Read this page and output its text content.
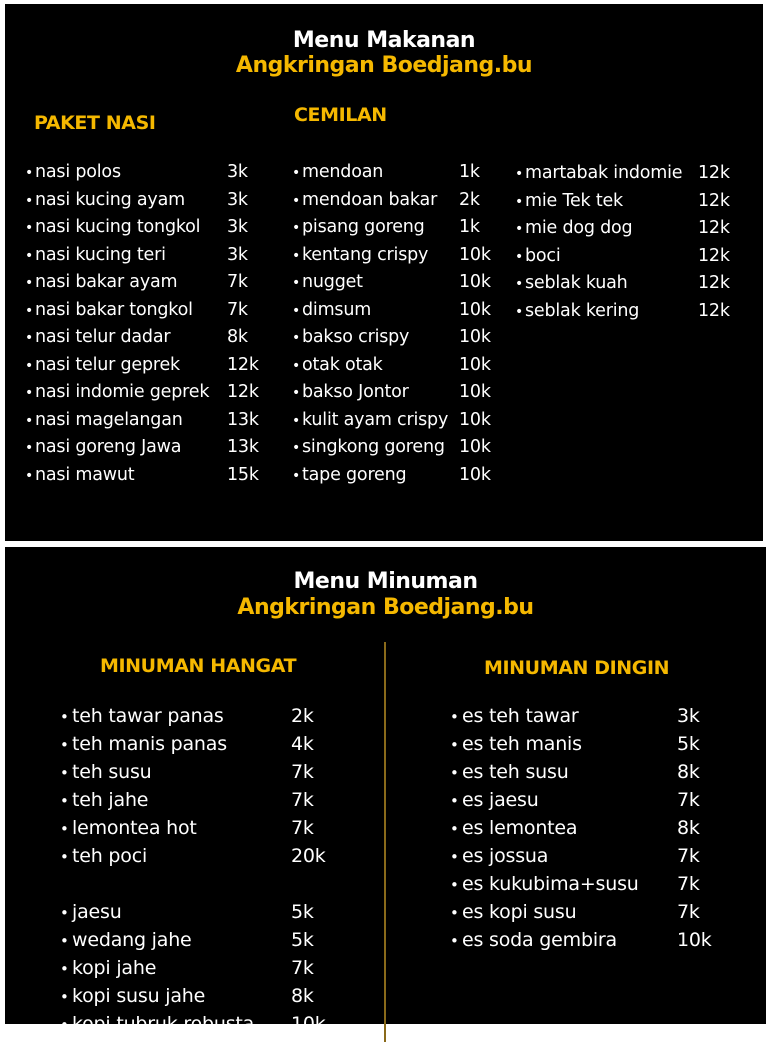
Menu Makanan
Angkringan Boedjang.bu
PAKET NASI	CEMILAN
• nasi polos	3k
• nasi kucing ayam 3k
• nasi kucing tongkol 3k
• nasi kucing teri	3k
• nasi bakar ayam	7k
• nasi bakar tongkol 7k
• nasi telur dadar	8k
• nasi telur geprek	12k
• nasi indomie geprek 12k
• nasi magelangan	13k
• nasi goreng Jawa	13k
• nasi mawut	15k
• mendoan	1k
• mendoan bakar 2k
• pisang goreng 1k
• kentang crispy 10k
• nugget	10k
• dimsum	10k
• bakso crispy	10k
• otak otak	10k
• bakso Jontor	10k
• kulit ayam crispy 10k
• singkong goreng 10k
• tape goreng	10k
• martabak indomie 12k
• mie Tek tek	12k
• mie dog dog	12k
• boci	12k
• seblak kuah	12k
• seblak kering	12k
Menu Minuman
Angkringan Boedjang.bu
MINUMAN HANGAT	MINUMAN DINGIN
• teh tawar panas	2k
• teh manis panas	4k
• teh susu	7k
• teh jahe	7k
• lemontea hot	7k
• teh poci	20k
• jaesu	5k
• wedang jahe	5k
• kopi jahe	7k
• kopi susu jahe	8k
• kopi tubruk robusta 10k
• es teh tawar	3k
• es teh manis	5k
• es teh susu	8k
• es jaesu	7k
• es lemontea	8k
• es jossua	7k
• es kukubima+susu 7k
• es kopi susu	7k
• es soda gembira	10k
